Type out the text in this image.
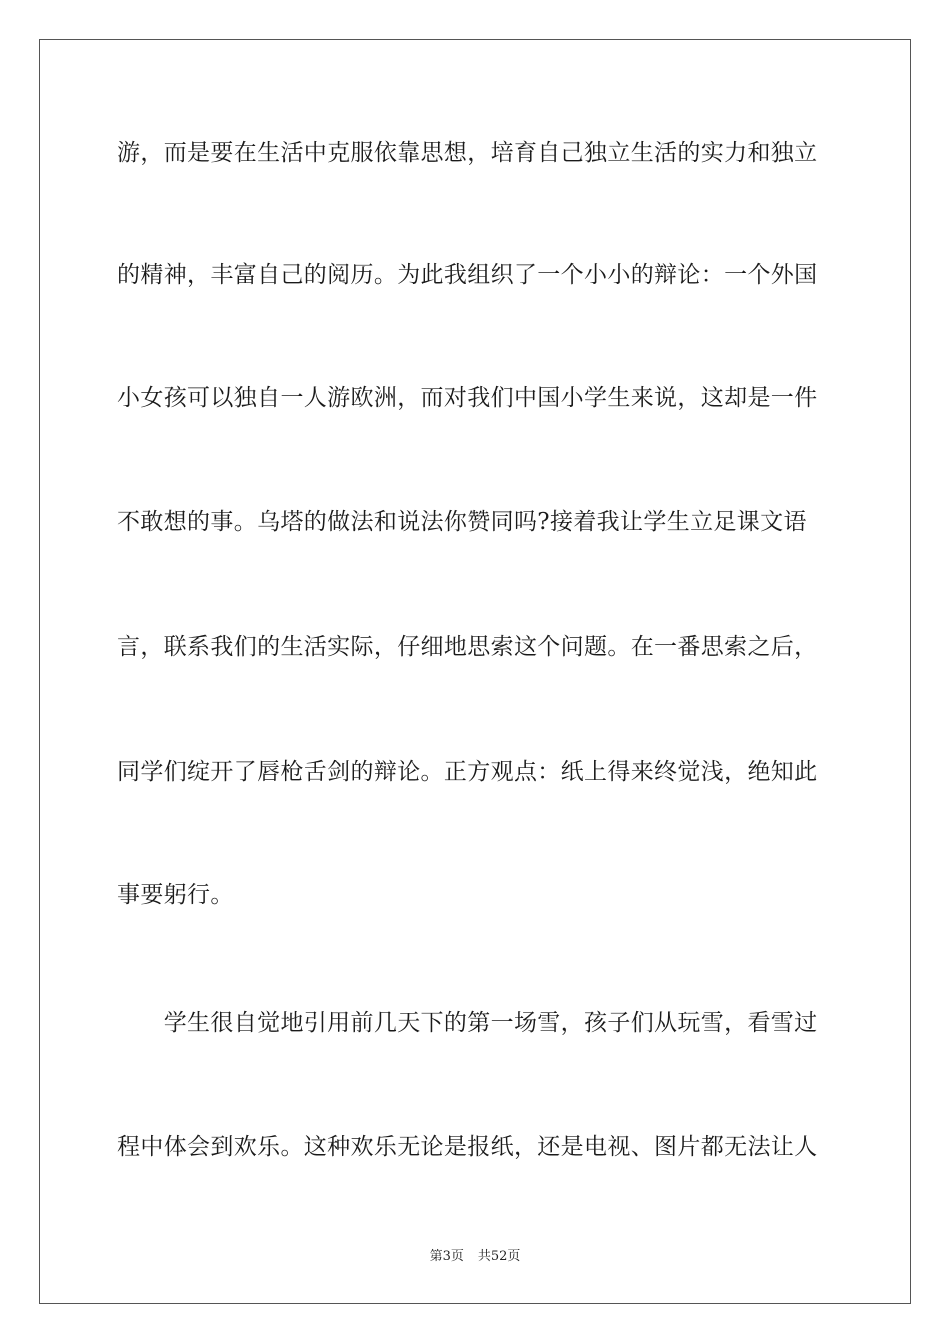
游，而是要在生活中克服依靠思想，培育自己独立生活的实力和独立
的精神，丰富自己的阅历。为此我组织了一个小小的辩论：一个外国
小女孩可以独自一人游欧洲，而对我们中国小学生来说，这却是一件
不敢想的事。乌塔的做法和说法你赞同吗?接着我让学生立足课文语
言，联系我们的生活实际，仔细地思索这个问题。在一番思索之后，
同学们绽开了唇枪舌剑的辩论。正方观点：纸上得来终觉浅，绝知此
事要躬行。
　　学生很自觉地引用前几天下的第一场雪，孩子们从玩雪，看雪过
程中体会到欢乐。这种欢乐无论是报纸，还是电视、图片都无法让人
第3页 共52页
